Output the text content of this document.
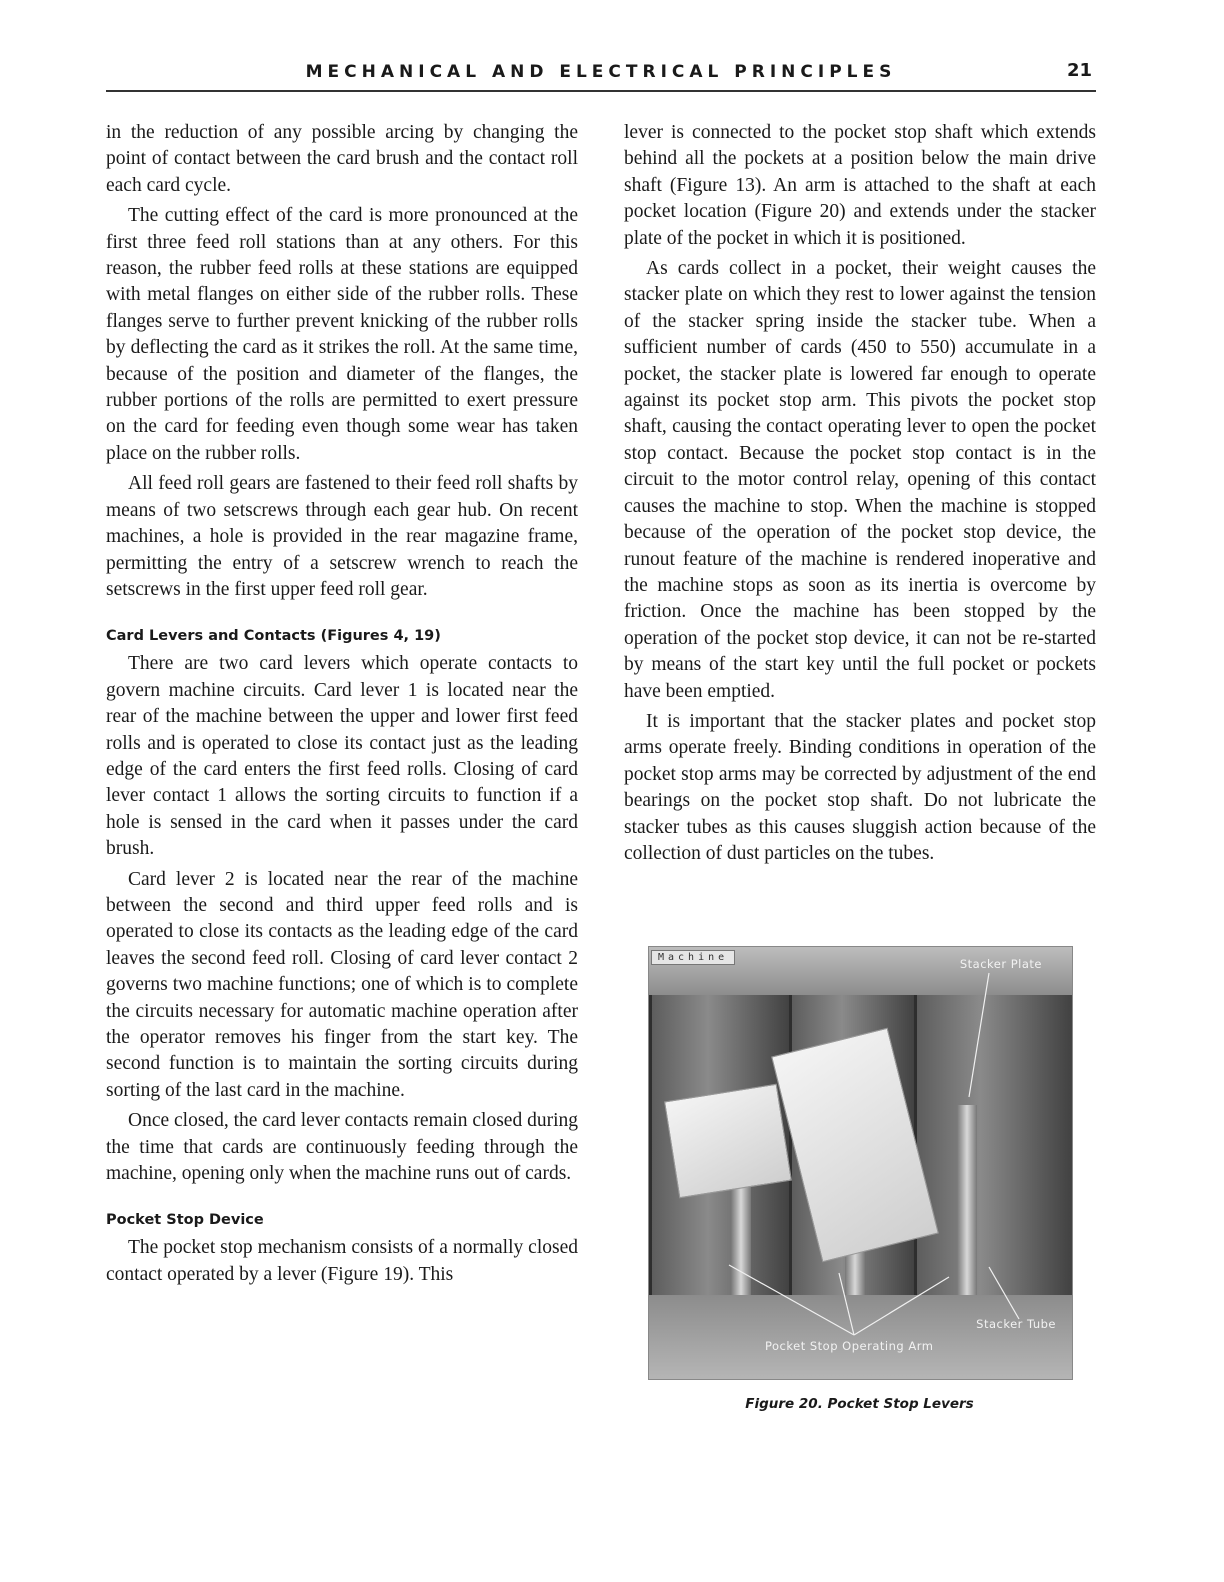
MECHANICAL AND ELECTRICAL PRINCIPLES	21

in the reduction of any possible arcing by changing the point of contact between the card brush and the contact roll each card cycle.

The cutting effect of the card is more pronounced at the first three feed roll stations than at any others. For this reason, the rubber feed rolls at these stations are equipped with metal flanges on either side of the rubber rolls. These flanges serve to further prevent knicking of the rubber rolls by deflecting the card as it strikes the roll. At the same time, because of the position and diameter of the flanges, the rubber portions of the rolls are permitted to exert pressure on the card for feeding even though some wear has taken place on the rubber rolls.

All feed roll gears are fastened to their feed roll shafts by means of two setscrews through each gear hub. On recent machines, a hole is provided in the rear magazine frame, permitting the entry of a setscrew wrench to reach the setscrews in the first upper feed roll gear.

Card Levers and Contacts (Figures 4, 19)

There are two card levers which operate contacts to govern machine circuits. Card lever 1 is located near the rear of the machine between the upper and lower first feed rolls and is operated to close its contact just as the leading edge of the card enters the first feed rolls. Closing of card lever contact 1 allows the sorting circuits to function if a hole is sensed in the card when it passes under the card brush.

Card lever 2 is located near the rear of the machine between the second and third upper feed rolls and is operated to close its contacts as the leading edge of the card leaves the second feed roll. Closing of card lever contact 2 governs two machine functions; one of which is to complete the circuits necessary for automatic machine operation after the operator removes his finger from the start key. The second function is to maintain the sorting circuits during sorting of the last card in the machine.

Once closed, the card lever contacts remain closed during the time that cards are continuously feeding through the machine, opening only when the machine runs out of cards.

Pocket Stop Device

The pocket stop mechanism consists of a normally closed contact operated by a lever (Figure 19). This

lever is connected to the pocket stop shaft which extends behind all the pockets at a position below the main drive shaft (Figure 13). An arm is attached to the shaft at each pocket location (Figure 20) and extends under the stacker plate of the pocket in which it is positioned.

As cards collect in a pocket, their weight causes the stacker plate on which they rest to lower against the tension of the stacker spring inside the stacker tube. When a sufficient number of cards (450 to 550) accumulate in a pocket, the stacker plate is lowered far enough to operate against its pocket stop arm. This pivots the pocket stop shaft, causing the contact operating lever to open the pocket stop contact. Because the pocket stop contact is in the circuit to the motor control relay, opening of this contact causes the machine to stop. When the machine is stopped because of the operation of the pocket stop device, the runout feature of the machine is rendered inoperative and the machine stops as soon as its inertia is overcome by friction. Once the machine has been stopped by the operation of the pocket stop device, it can not be re-started by means of the start key until the full pocket or pockets have been emptied.

It is important that the stacker plates and pocket stop arms operate freely. Binding conditions in operation of the pocket stop arms may be corrected by adjustment of the end bearings on the pocket stop shaft. Do not lubricate the stacker tubes as this causes sluggish action because of the collection of dust particles on the tubes.

Machine	Stacker Plate
Stacker Tube
Pocket Stop Operating Arm
Figure 20. Pocket Stop Levers
